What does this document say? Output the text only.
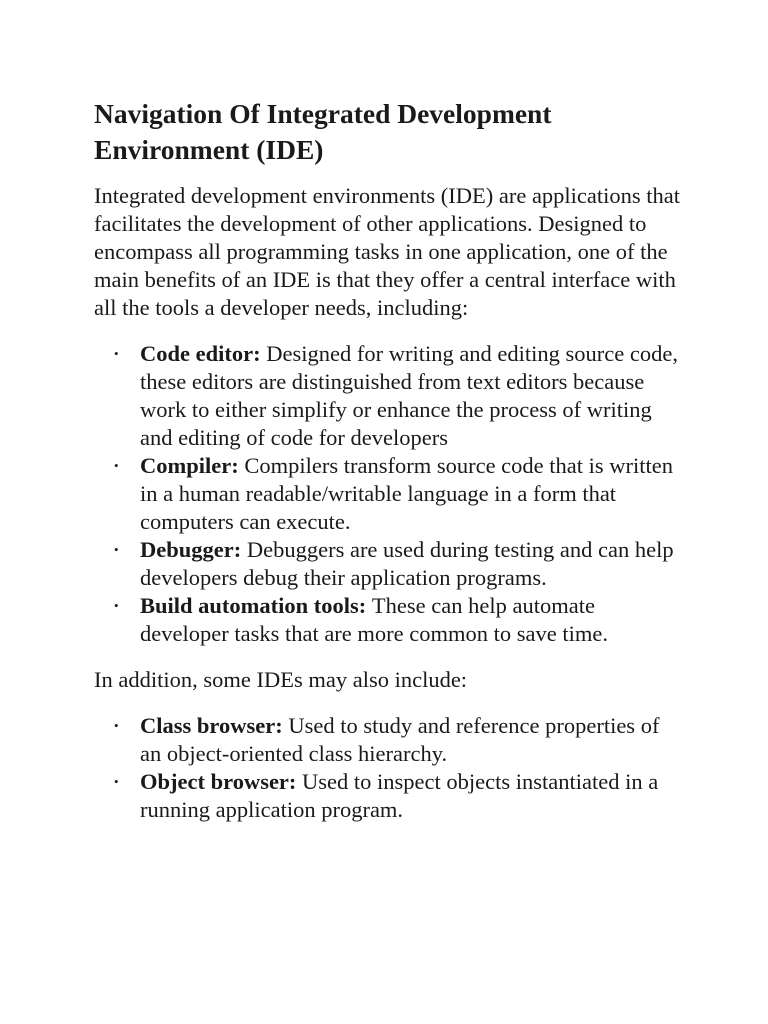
Navigation Of Integrated Development Environment (IDE)

Integrated development environments (IDE) are applications that facilitates the development of other applications. Designed to encompass all programming tasks in one application, one of the main benefits of an IDE is that they offer a central interface with all the tools a developer needs, including:

• Code editor: Designed for writing and editing source code, these editors are distinguished from text editors because work to either simplify or enhance the process of writing and editing of code for developers
• Compiler: Compilers transform source code that is written in a human readable/writable language in a form that computers can execute.
• Debugger: Debuggers are used during testing and can help developers debug their application programs.
• Build automation tools: These can help automate developer tasks that are more common to save time.

In addition, some IDEs may also include:

• Class browser: Used to study and reference properties of an object-oriented class hierarchy.
• Object browser: Used to inspect objects instantiated in a running application program.
